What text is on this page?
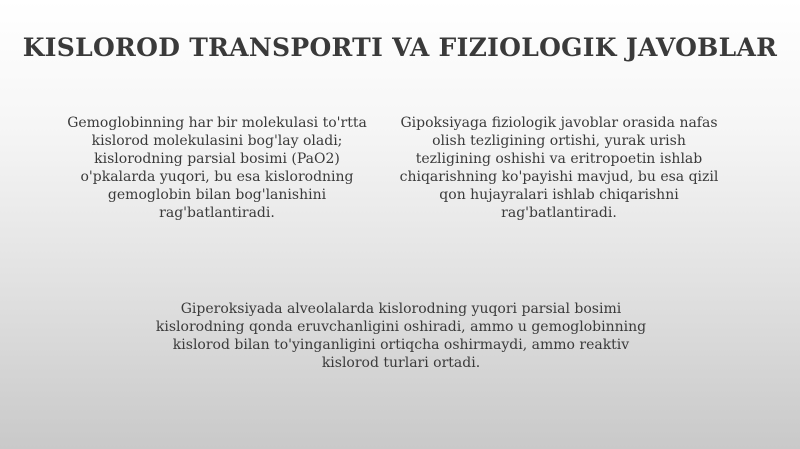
KISLOROD TRANSPORTI VA FIZIOLOGIK JAVOBLAR
Gemoglobinning har bir molekulasi to'rtta kislorod molekulasini bog'lay oladi; kislorodning parsial bosimi (PaO2) o'pkalarda yuqori, bu esa kislorodning gemoglobin bilan bog'lanishini rag'batlantiradi.
Gipoksiyaga fiziologik javoblar orasida nafas olish tezligining ortishi, yurak urish tezligining oshishi va eritropoetin ishlab chiqarishning ko'payishi mavjud, bu esa qizil qon hujayralari ishlab chiqarishni rag'batlantiradi.
Giperoksiyada alveolalarda kislorodning yuqori parsial bosimi kislorodning qonda eruvchanligini oshiradi, ammo u gemoglobinning kislorod bilan to'yinganligini ortiqcha oshirmaydi, ammo reaktiv kislorod turlari ortadi.
